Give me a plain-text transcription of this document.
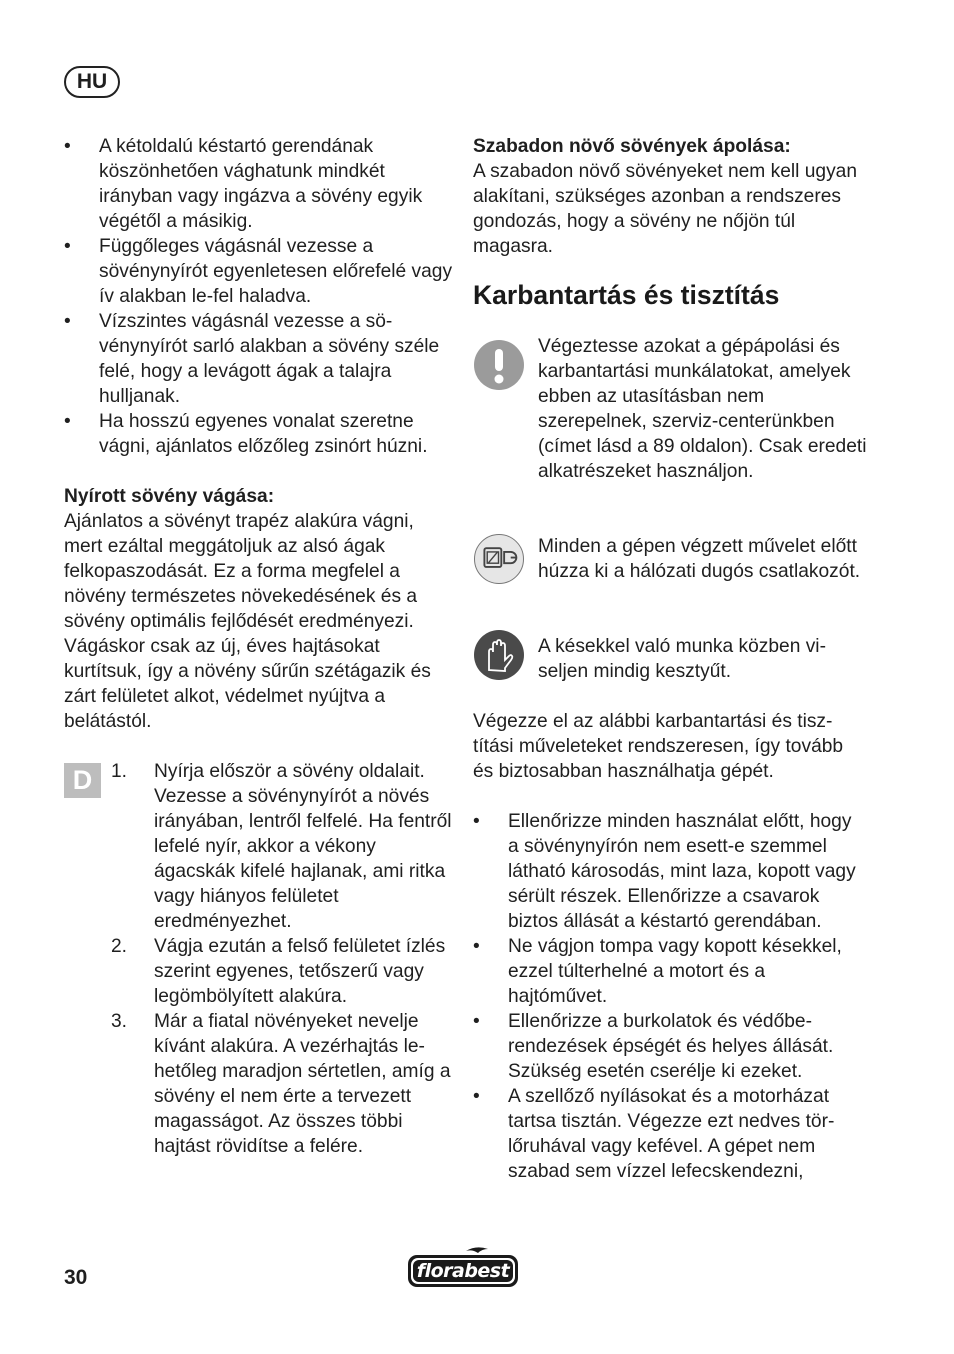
HU
• A kétoldalú késtartó gerendának köszönhetően vághatunk mindkét irányban vagy ingázva a sövény egyik végétől a másikig.
• Függőleges vágásnál vezesse a sövénynyírót egyenletesen előrefelé vagy ív alakban le-fel haladva.
• Vízszintes vágásnál vezesse a sövénynyírót sarló alakban a sövény széle felé, hogy a levágott ágak a talajra hulljanak.
• Ha hosszú egyenes vonalat szeretne vágni, ajánlatos előzőleg zsinórt húzni.

Nyírott sövény vágása:

Ajánlatos a sövényt trapéz alakúra vágni, mert ezáltal meggátoljuk az alsó ágak felkopaszodását. Ez a forma megfelel a növény természetes növekedésének és a sövény optimális fejlődését eredményezi. Vágáskor csak az új, éves hajtásokat kurtítsuk, így a növény sűrűn szétágazik és zárt felületet alkot, védelmet nyújtva a belátástól.

D 1. Nyírja először a sövény oldalait. Vezesse a sövénynyírót a növés irányában, lentről felfelé. Ha fentről lefelé nyír, akkor a vékony ágacskák kifelé hajlanak, ami ritka vagy hiányos felületet eredményezhet.
2. Vágja ezután a felső felületet ízlés szerint egyenes, tetőszerű vagy legömbölyített alakúra.
3. Már a fiatal növényeket nevelje kívánt alakúra. A vezérhajtás lehetőleg maradjon sértetlen, amíg a sövény el nem érte a tervezett magasságot. Az összes többi hajtást rövidítse a felére.

Szabadon növő sövények ápolása:

A szabadon növő sövényeket nem kell ugyan alakítani, szükséges azonban a rendszeres gondozás, hogy a sövény ne nőjön túl magasra.

Karbantartás és tisztítás
Végeztesse azokat a gépápolási és karbantartási munkálatokat, amelyek ebben az utasításban nem szerepelnek, szerviz-centerünkben (címet lásd a 89 oldalon). Csak eredeti alkatrészeket használjon.
Minden a gépen végzett művelet előtt húzza ki a hálózati dugós csatlakozót.
A késekkel való munka közben viseljen mindig kesztyűt.

Végezze el az alábbi karbantartási és tisztítási műveleteket rendszeresen, így tovább és biztosabban használhatja gépét.

• Ellenőrizze minden használat előtt, hogy a sövénynyírón nem esett-e szemmel látható károsodás, mint laza, kopott vagy sérült részek. Ellenőrizze a csavarok biztos állását a késtartó gerendában.
• Ne vágjon tompa vagy kopott késekkel, ezzel túlterhelné a motort és a hajtóművet.
• Ellenőrizze a burkolatok és védőberendezések épségét és helyes állását. Szükség esetén cserélje ki ezeket.
• A szellőző nyílásokat és a motorházat tartsa tisztán. Végezze ezt nedves törlőruhával vagy kefével. A gépet nem szabad sem vízzel lefecskendezni,
30	florabest
